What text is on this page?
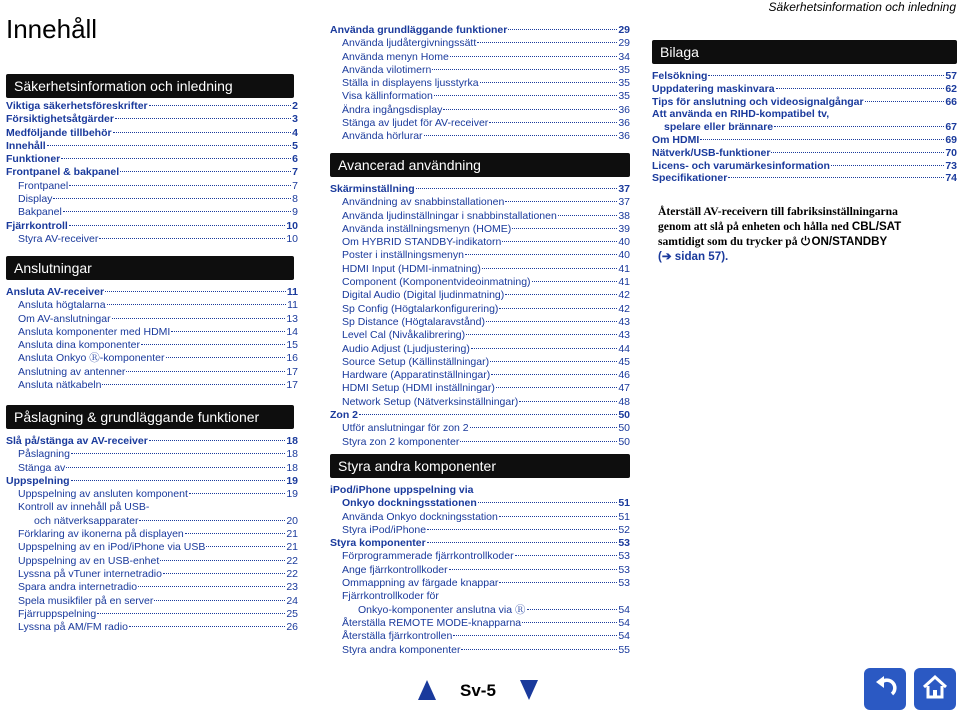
Innehåll
Säkerhetsinformation och inledning
Säkerhetsinformation och inledning
Viktiga säkerhetsföreskrifter	2
Försiktighetsåtgärder	3
Medföljande tillbehör	4
Innehåll	5
Funktioner	6
Frontpanel & bakpanel	7
Frontpanel	7
Display	8
Bakpanel	9
Fjärrkontroll	10
Styra AV-receiver	10
Anslutningar
Ansluta AV-receiver	11
Ansluta högtalarna	11
Om AV-anslutningar	13
Ansluta komponenter med HDMI	14
Ansluta dina komponenter	15
Ansluta Onkyo Ⓡ-komponenter	16
Anslutning av antenner	17
Ansluta nätkabeln	17
Påslagning & grundläggande funktioner
Slå på/stänga av AV-receiver	18
Påslagning	18
Stänga av	18
Uppspelning	19
Uppspelning av ansluten komponent	19
Kontroll av innehåll på USB-
och nätverksapparater	20
Förklaring av ikonerna på displayen	21
Uppspelning av en iPod/iPhone via USB	21
Uppspelning av en USB-enhet	22
Lyssna på vTuner internetradio	22
Spara andra internetradio	23
Spela musikfiler på en server	24
Fjärruppspelning	25
Lyssna på AM/FM radio	26
Använda grundläggande funktioner	29
Använda ljudåtergivningssätt	29
Använda menyn Home	34
Använda vilotimern	35
Ställa in displayens ljusstyrka	35
Visa källinformation	35
Ändra ingångsdisplay	36
Stänga av ljudet för AV-receiver	36
Använda hörlurar	36
Avancerad användning
Skärminställning	37
Användning av snabbinstallationen	37
Använda ljudinställningar i snabbinstallationen	38
Använda inställningsmenyn (HOME)	39
Om HYBRID STANDBY-indikatorn	40
Poster i inställningsmenyn	40
HDMI Input (HDMI-inmatning)	41
Component (Komponentvideoinmatning)	41
Digital Audio (Digital ljudinmatning)	42
Sp Config (Högtalarkonfigurering)	42
Sp Distance (Högtalaravstånd)	43
Level Cal (Nivåkalibrering)	43
Audio Adjust (Ljudjustering)	44
Source Setup (Källinställningar)	45
Hardware (Apparatinställningar)	46
HDMI Setup (HDMI inställningar)	47
Network Setup (Nätverksinställningar)	48
Zon 2	50
Utför anslutningar för zon 2	50
Styra zon 2 komponenter	50
Styra andra komponenter
iPod/iPhone uppspelning via
Onkyo dockningsstationen	51
Använda Onkyo dockningsstation	51
Styra iPod/iPhone	52
Styra komponenter	53
Förprogrammerade fjärrkontrollkoder	53
Ange fjärrkontrollkoder	53
Ommappning av färgade knappar	53
Fjärrkontrollkoder för
Onkyo-komponenter anslutna via Ⓡ	54
Återställa REMOTE MODE-knapparna	54
Återställa fjärrkontrollen	54
Styra andra komponenter	55
Bilaga
Felsökning	57
Uppdatering maskinvara	62
Tips för anslutning och videosignalgångar	66
Att använda en RIHD-kompatibel tv,
spelare eller brännare	67
Om HDMI	69
Nätverk/USB-funktioner	70
Licens- och varumärkesinformation	73
Specifikationer	74
Återställ AV-receivern till fabriksinställningarna
genom att slå på enheten och hålla ned CBL/SAT
samtidigt som du trycker på ON/STANDBY
(➔ sidan 57).
Sv-5
